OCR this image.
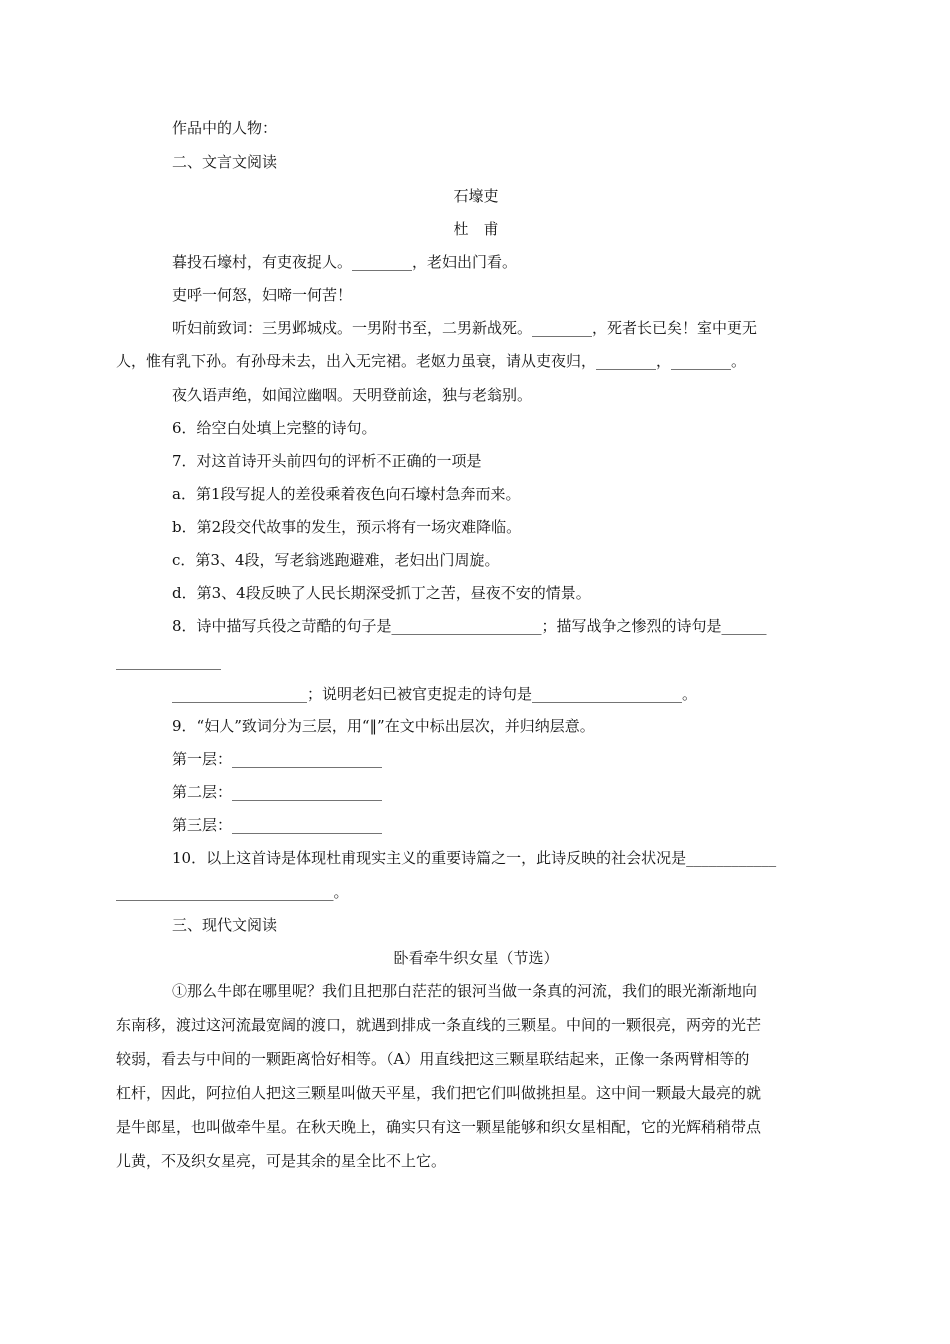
作品中的人物：
二、文言文阅读
石壕吏
杜　甫
暮投石壕村，有吏夜捉人。________，老妇出门看。
吏呼一何怒，妇啼一何苦！
听妇前致词：三男邺城戍。一男附书至，二男新战死。________，死者长已矣！室中更无
人，惟有乳下孙。有孙母未去，出入无完裙。老妪力虽衰，请从吏夜归，________，________。
夜久语声绝，如闻泣幽咽。天明登前途，独与老翁别。
6．给空白处填上完整的诗句。
7．对这首诗开头前四句的评析不正确的一项是
a．第1段写捉人的差役乘着夜色向石壕村急奔而来。
b．第2段交代故事的发生，预示将有一场灾难降临。
c．第3、4段，写老翁逃跑避难，老妇出门周旋。
d．第3、4段反映了人民长期深受抓丁之苦，昼夜不安的情景。
8．诗中描写兵役之苛酷的句子是____________________；描写战争之惨烈的诗句是______
______________
__________________；说明老妇已被官吏捉走的诗句是____________________。
9．“妇人”致词分为三层，用“‖”在文中标出层次，并归纳层意。
第一层：____________________
第二层：____________________
第三层：____________________
10．以上这首诗是体现杜甫现实主义的重要诗篇之一，此诗反映的社会状况是____________
_____________________________。
三、现代文阅读
卧看牵牛织女星（节选）
①那么牛郎在哪里呢？我们且把那白茫茫的银河当做一条真的河流，我们的眼光渐渐地向
东南移，渡过这河流最宽阔的渡口，就遇到排成一条直线的三颗星。中间的一颗很亮，两旁的光芒
较弱，看去与中间的一颗距离恰好相等。（A）用直线把这三颗星联结起来，正像一条两臂相等的
杠杆，因此，阿拉伯人把这三颗星叫做天平星，我们把它们叫做挑担星。这中间一颗最大最亮的就
是牛郎星，也叫做牵牛星。在秋天晚上，确实只有这一颗星能够和织女星相配，它的光辉稍稍带点
儿黄，不及织女星亮，可是其余的星全比不上它。
